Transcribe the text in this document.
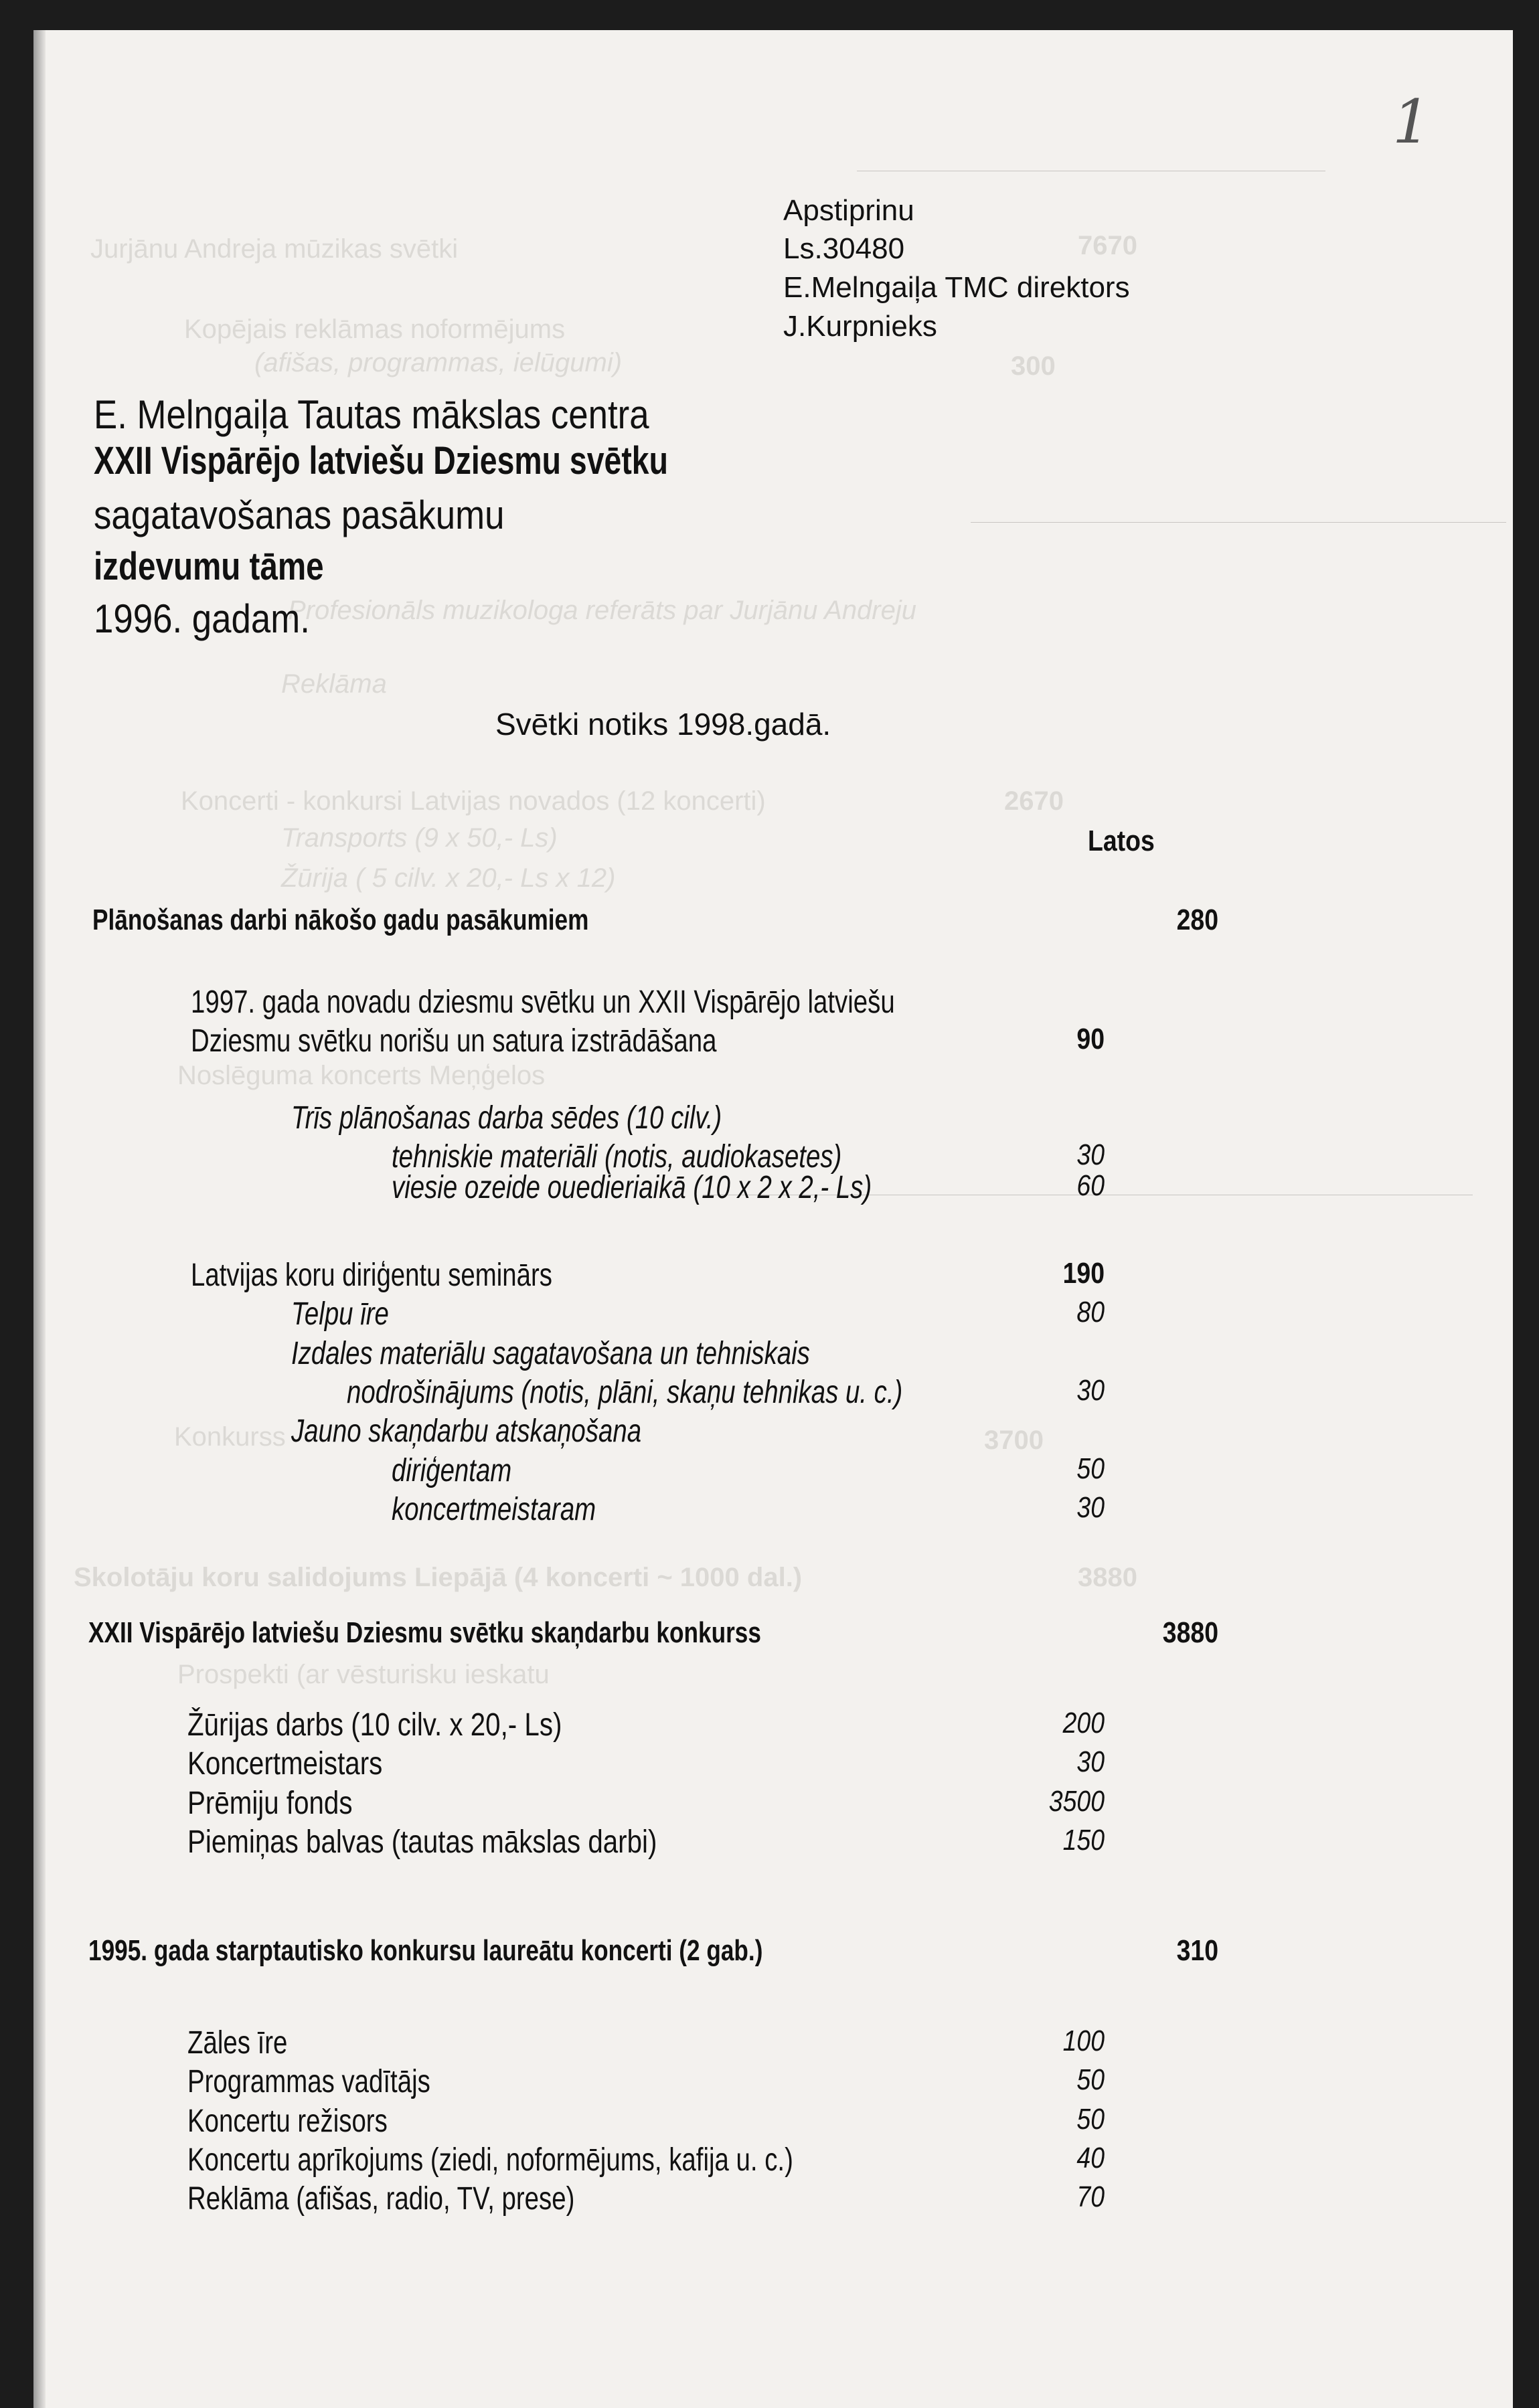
Jurjānu Andreja mūzikas svētki
Kopējais reklāmas noformējums
(afišas, programmas, ielūgumi)
Profesionāls muzikologa referāts par Jurjānu Andreju
Reklāma
Koncerti - konkursi Latvijas novados (12 koncerti)
Transports (9 x 50,- Ls)
Žūrija ( 5 cilv. x 20,- Ls x 12)
Noslēguma koncerts Meņģelos
Konkurss
Skolotāju koru salidojums Liepājā (4 koncerti ~ 1000 dal.)
Prospekti (ar vēsturisku ieskatu
7670
300
2670
3700
3880
1
Apstiprinu
Ls.30480
E.Melngaiļa TMC direktors
J.Kurpnieks
E. Melngaiļa Tautas mākslas centra
XXII Vispārējo latviešu Dziesmu svētku
sagatavošanas pasākumu
izdevumu tāme
1996. gadam.
Svētki notiks 1998.gadā.
Latos
Plānošanas darbi nākošo gadu pasākumiem	280
1997. gada novadu dziesmu svētku un XXII Vispārējo latviešu
Dziesmu svētku norišu un satura izstrādāšana	90
Trīs plānošanas darba sēdes (10 cilv.)
tehniskie materiāli (notis, audiokasetes)	30
viesie ozeide ouedieriaikā (10 x 2 x 2,- Ls)	60
Latvijas koru diriģentu seminārs	190
Telpu īre	80
Izdales materiālu sagatavošana un tehniskais
nodrošinājums (notis, plāni, skaņu tehnikas u. c.)	30
Jauno skaņdarbu atskaņošana
diriģentam	50
koncertmeistaram	30
XXII Vispārējo latviešu Dziesmu svētku skaņdarbu konkurss	3880
Žūrijas darbs (10 cilv. x 20,- Ls)	200
Koncertmeistars	30
Prēmiju fonds	3500
Piemiņas balvas (tautas mākslas darbi)	150
1995. gada starptautisko konkursu laureātu koncerti (2 gab.)	310
Zāles īre	100
Programmas vadītājs	50
Koncertu režisors	50
Koncertu aprīkojums (ziedi, noformējums, kafija u. c.)	40
Reklāma (afišas, radio, TV, prese)	70
